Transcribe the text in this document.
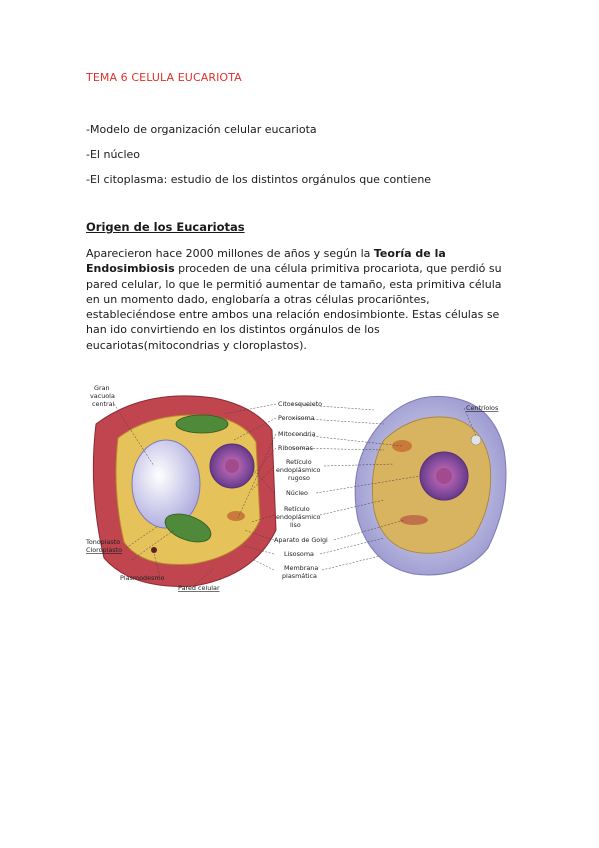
TEMA 6 CELULA EUCARIOTA
-Modelo de organización celular eucariota
-El núcleo
-El citoplasma: estudio de los distintos orgánulos que contiene
Origen de los Eucariotas
Aparecieron hace 2000 millones de años y según la Teoría de la Endosimbiosis proceden de una célula primitiva procariota, que perdió su pared celular, lo que le permitió aumentar de tamaño, esta primitiva célula en un momento dado, englobaría a otras células procariōntes, estableciéndose entre ambos una relación endosimbionte. Estas células se han ido convirtiendo en los distintos orgánulos de los eucariotas(mitocondrias y cloroplastos).
Gran
vacuola
central
Tonoplasto
Cloroplasto
Plasmodesmo
Pared celular
Citoesqueleto
Peroxisoma
Mitocondria
Ribosomas
Retículo
endoplásmico
rugoso
Núcleo
Retículo
endoplásmico
liso
Aparato de Golgi
Lisosoma
Membrana
plasmática
Centríolos
